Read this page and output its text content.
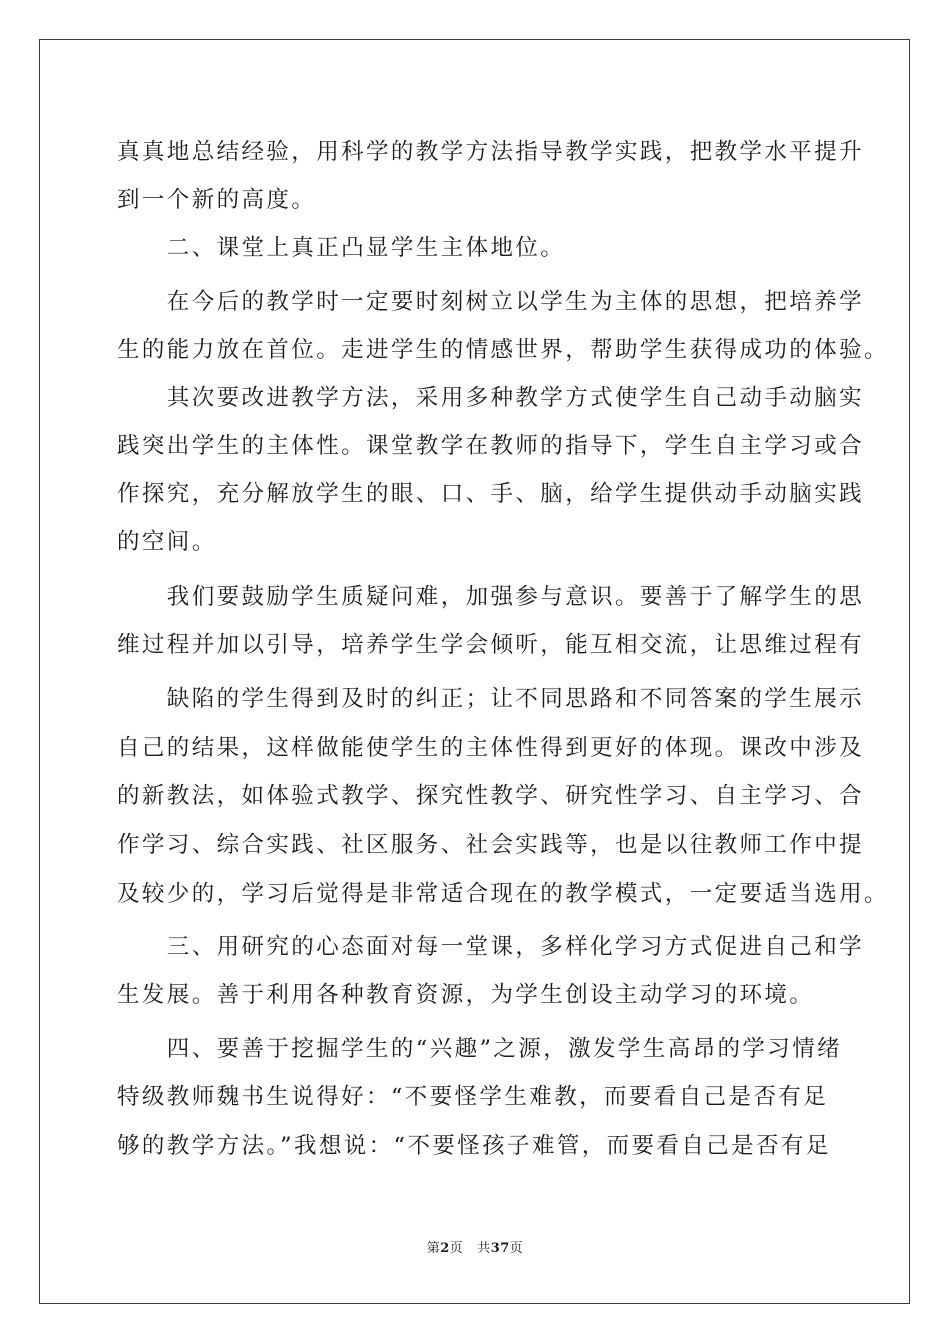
真真地总结经验，用科学的教学方法指导教学实践，把教学水平提升
到一个新的高度。
　　二、课堂上真正凸显学生主体地位。
　　在今后的教学时一定要时刻树立以学生为主体的思想，把培养学
生的能力放在首位。走进学生的情感世界，帮助学生获得成功的体验。
　　其次要改进教学方法，采用多种教学方式使学生自己动手动脑实
践突出学生的主体性。课堂教学在教师的指导下，学生自主学习或合
作探究，充分解放学生的眼、口、手、脑，给学生提供动手动脑实践
的空间。
　　我们要鼓励学生质疑问难，加强参与意识。要善于了解学生的思
维过程并加以引导，培养学生学会倾听，能互相交流，让思维过程有
　　缺陷的学生得到及时的纠正；让不同思路和不同答案的学生展示
自己的结果，这样做能使学生的主体性得到更好的体现。课改中涉及
的新教法，如体验式教学、探究性教学、研究性学习、自主学习、合
作学习、综合实践、社区服务、社会实践等，也是以往教师工作中提
及较少的，学习后觉得是非常适合现在的教学模式，一定要适当选用。
　　三、用研究的心态面对每一堂课，多样化学习方式促进自己和学
生发展。善于利用各种教育资源，为学生创设主动学习的环境。
　　四、要善于挖掘学生的“兴趣”之源，激发学生高昂的学习情绪
特级教师魏书生说得好：“不要怪学生难教，而要看自己是否有足
够的教学方法。”我想说：“不要怪孩子难管，而要看自己是否有足
第2页 共37页
